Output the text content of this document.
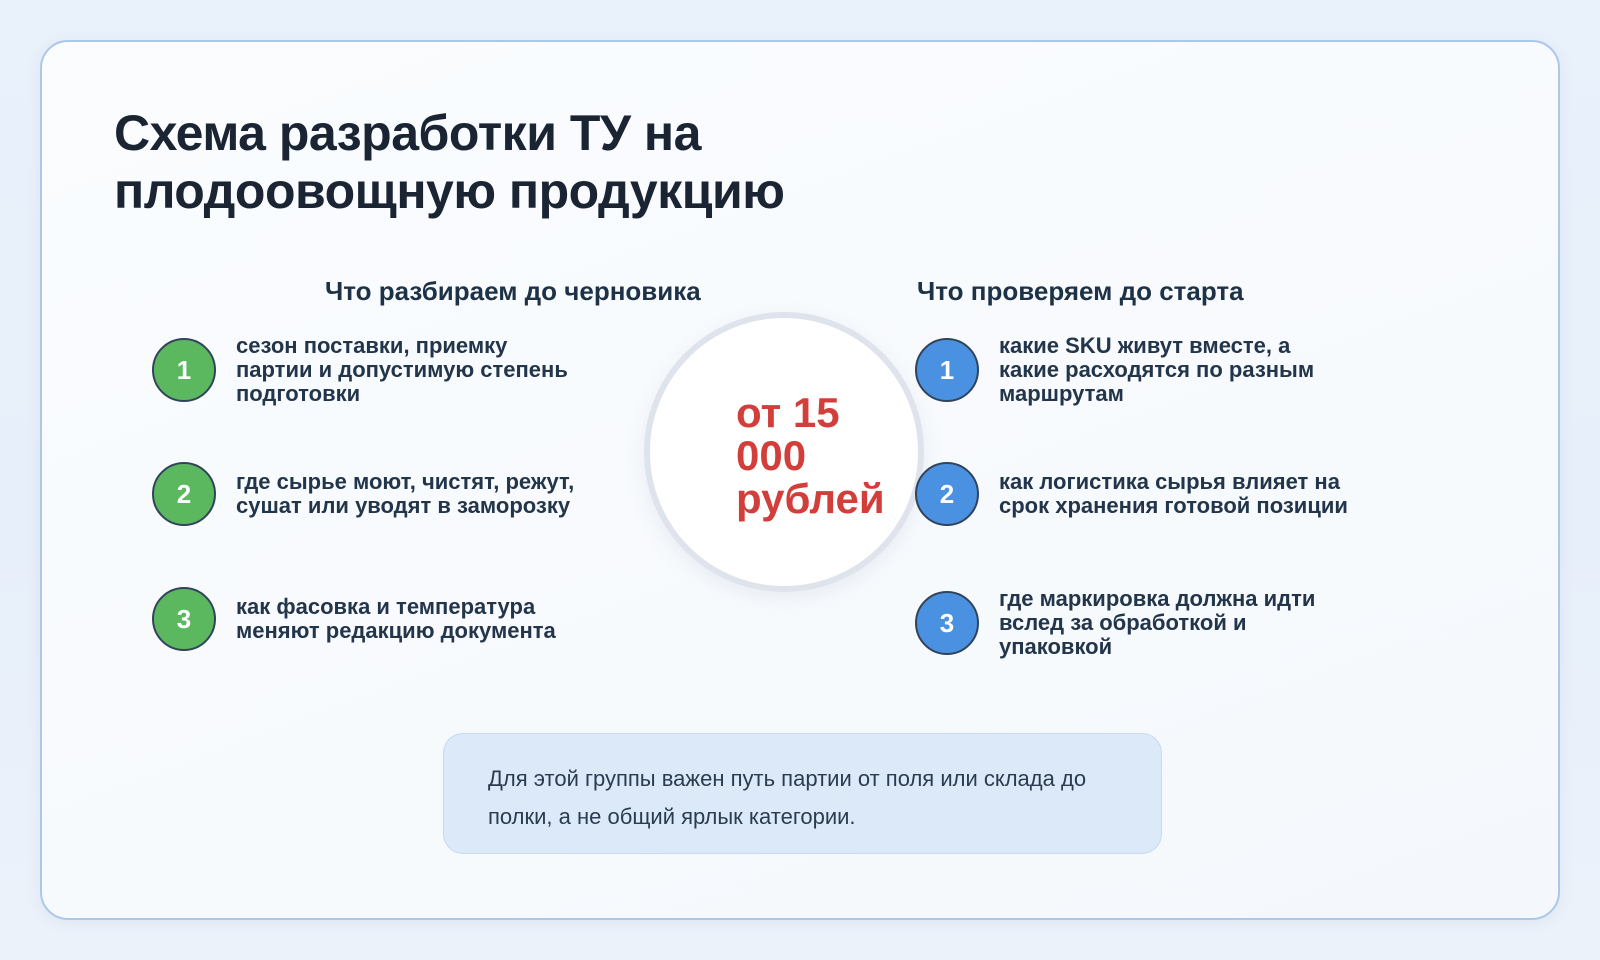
Схема разработки ТУ на плодоовощную продукцию
Что разбираем до черновика	Что проверяем до старта
от 15
000
рублей
1
сезон поставки, приемку партии и допустимую степень подготовки
2	где сырье моют, чистят, режут, сушат или уводят в заморозку
3	как фасовка и температура меняют редакцию документа
1
какие SKU живут вместе, а какие расходятся по разным маршрутам
2	как логистика сырья влияет на срок хранения готовой позиции
3
где маркировка должна идти вслед за обработкой и упаковкой

Для этой группы важен путь партии от поля или склада до полки, а не общий ярлык категории.
